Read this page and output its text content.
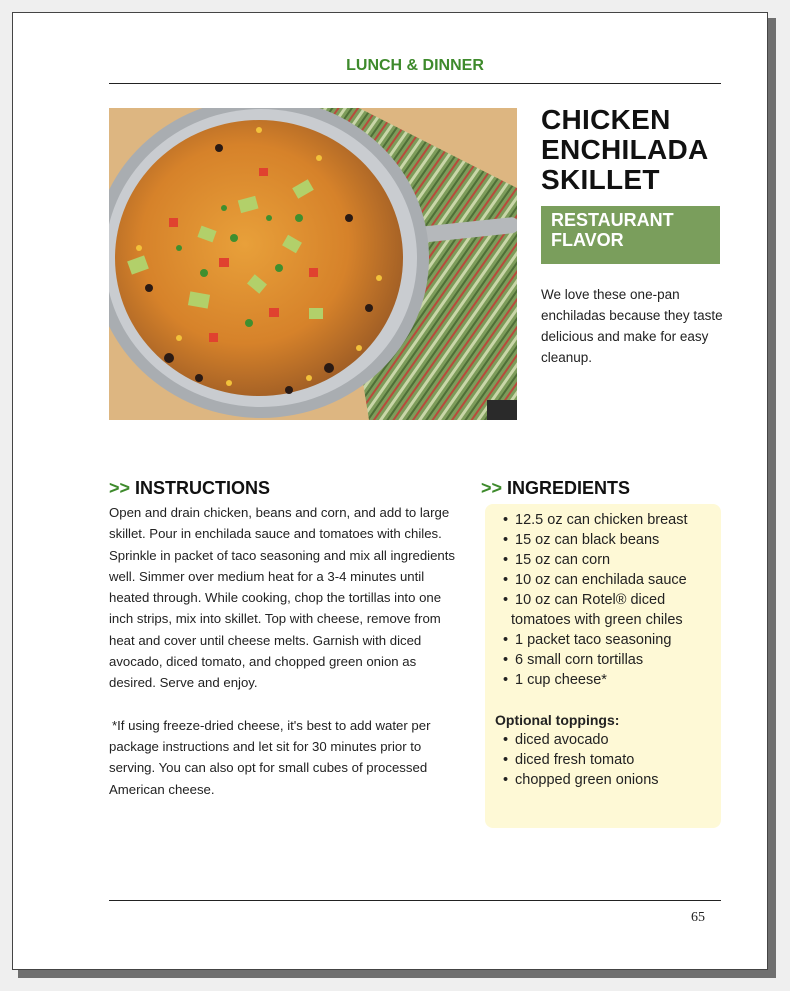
LUNCH & DINNER
CHICKEN
ENCHILADA
SKILLET
RESTAURANT
FLAVOR
We love these one-pan enchiladas because they taste delicious and make for easy cleanup.
>> INSTRUCTIONS

Open and drain chicken, beans and corn, and add to large skillet. Pour in enchilada sauce and tomatoes with chiles. Sprinkle in packet of taco seasoning and mix all ingredients well. Simmer over medium heat for a 3-4 minutes until heated through. While cooking, chop the tortillas into one inch strips, mix into skillet. Top with cheese, remove from heat and cover until cheese melts. Garnish with diced avocado, diced tomato, and chopped green onion as desired. Serve and enjoy.

*If using freeze-dried cheese, it's best to add water per package instructions and let sit for 30 minutes prior to serving. You can also opt for small cubes of processed American cheese.

>> INGREDIENTS
• 12.5 oz can chicken breast
• 15 oz can black beans
• 15 oz can corn
• 10 oz can enchilada sauce
• 10 oz can Rotel® diced
tomatoes with green chiles
• 1 packet taco seasoning
• 6 small corn tortillas
• 1 cup cheese*
Optional toppings:
• diced avocado
• diced fresh tomato
• chopped green onions
65
